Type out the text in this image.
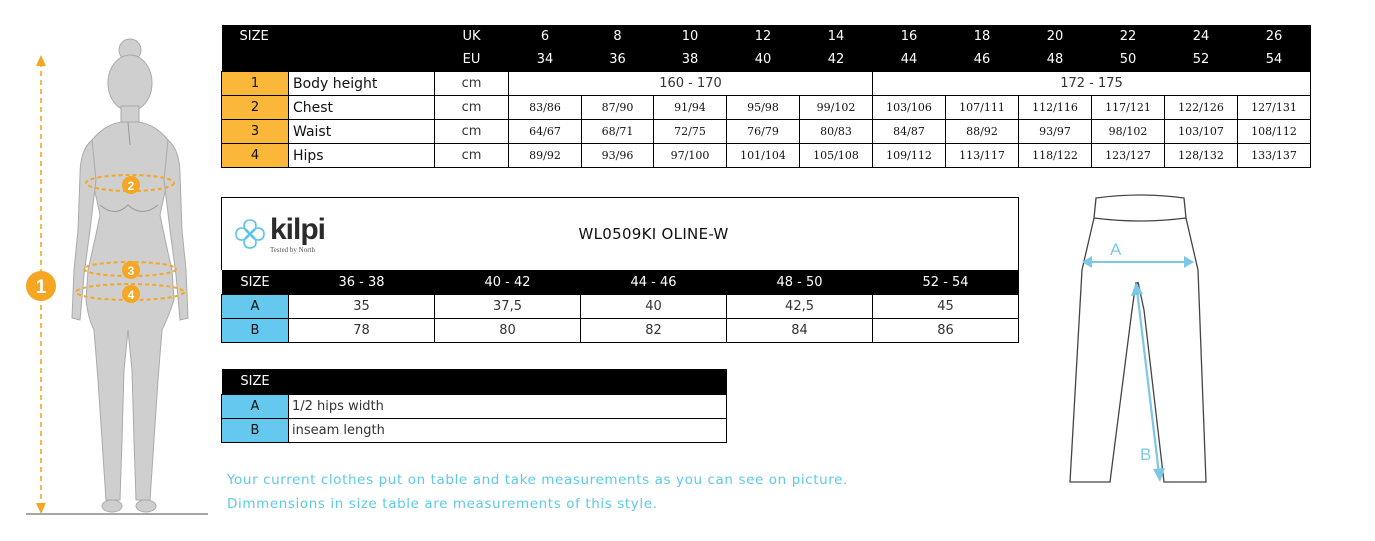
1
2
3
4
SIZE		UK	6	8	10	12	14	16	18	20	22	24	26
		EU	34	36	38	40	42	44	46	48	50	52	54
1	Body height	cm	160 - 170					172 - 175					
2	Chest	cm	83/86	87/90	91/94	95/98	99/102	103/106	107/111	112/116	117/121	122/126	127/131
3	Waist	cm	64/67	68/71	72/75	76/79	80/83	84/87	88/92	93/97	98/102	103/107	108/112
4	Hips	cm	89/92	93/96	97/100	101/104	105/108	109/112	113/117	118/122	123/127	128/132	133/137
kilpi
Tested by North		WL0509KI OLINE-W			
SIZE	36 - 38	40 - 42	44 - 46	48 - 50	52 - 54
A	35	37,5	40	42,5	45
B	78	80	82	84	86
SIZE	
A	1/2 hips width
B	inseam length
Your current clothes put on table and take measurements as you can see on picture.
Dimmensions in size table are measurements of this style.
A
B
